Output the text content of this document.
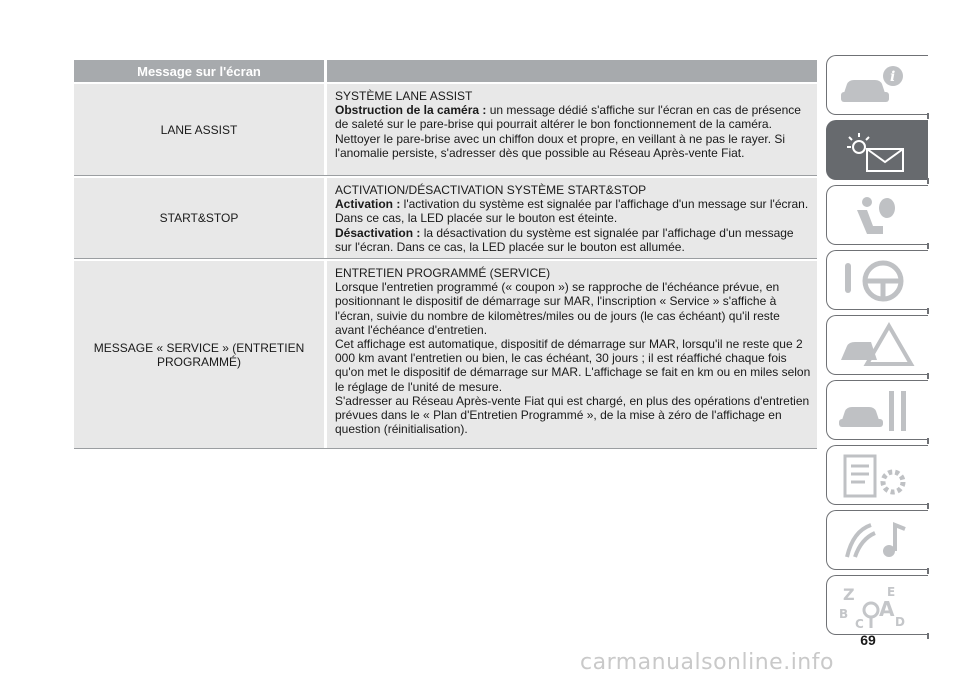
Message sur l'écran
LANE ASSIST

SYSTÈME LANE ASSIST

Obstruction de la caméra : un message dédié s'affiche sur l'écran en cas de présence de saleté sur le pare-brise qui pourrait altérer le bon fonctionnement de la caméra. Nettoyer le pare-brise avec un chiffon doux et propre, en veillant à ne pas le rayer. Si l'anomalie persiste, s'adresser dès que possible au Réseau Après-vente Fiat.

START&STOP

ACTIVATION/DÉSACTIVATION SYSTÈME START&STOP

Activation : l'activation du système est signalée par l'affichage d'un message sur l'écran. Dans ce cas, la LED placée sur le bouton est éteinte.

Désactivation : la désactivation du système est signalée par l'affichage d'un message sur l'écran. Dans ce cas, la LED placée sur le bouton est allumée.

MESSAGE « SERVICE » (ENTRETIEN PROGRAMMÉ)

ENTRETIEN PROGRAMMÉ (SERVICE)

Lorsque l'entretien programmé (« coupon ») se rapproche de l'échéance prévue, en positionnant le dispositif de démarrage sur MAR, l'inscription « Service » s'affiche à l'écran, suivie du nombre de kilomètres/miles ou de jours (le cas échéant) qu'il reste avant l'échéance d'entretien.

Cet affichage est automatique, dispositif de démarrage sur MAR, lorsqu'il ne reste que 2 000 km avant l'entretien ou bien, le cas échéant, 30 jours ; il est réaffiché chaque fois qu'on met le dispositif de démarrage sur MAR. L'affichage se fait en km ou en miles selon le réglage de l'unité de mesure.

S'adresser au Réseau Après-vente Fiat qui est chargé, en plus des opérations d'entretien prévues dans le « Plan d'Entretien Programmé », de la mise à zéro de l'affichage en question (réinitialisation).

i
Z	E
B A
C	D
69
carmanualsonline.info
